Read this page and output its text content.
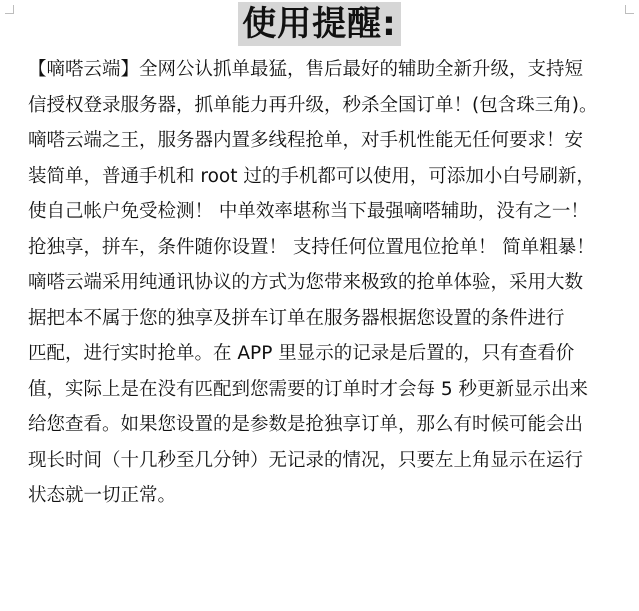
使用提醒:
【嘀嗒云端】全网公认抓单最猛，售后最好的辅助全新升级，支持短
信授权登录服务器，抓单能力再升级，秒杀全国订单！(包含珠三角)。
嘀嗒云端之王，服务器内置多线程抢单，对手机性能无任何要求！安
装简单，普通手机和 root 过的手机都可以使用，可添加小白号刷新，
使自己帐户免受检测！ 中单效率堪称当下最强嘀嗒辅助，没有之一！
抢独享，拼车，条件随你设置！ 支持任何位置甩位抢单！ 简单粗暴！
嘀嗒云端采用纯通讯协议的方式为您带来极致的抢单体验，采用大数
据把本不属于您的独享及拼车订单在服务器根据您设置的条件进行
匹配，进行实时抢单。在 APP 里显示的记录是后置的，只有查看价
值，实际上是在没有匹配到您需要的订单时才会每 5 秒更新显示出来
给您查看。如果您设置的是参数是抢独享订单，那么有时候可能会出
现长时间（十几秒至几分钟）无记录的情况，只要左上角显示在运行
状态就一切正常。
